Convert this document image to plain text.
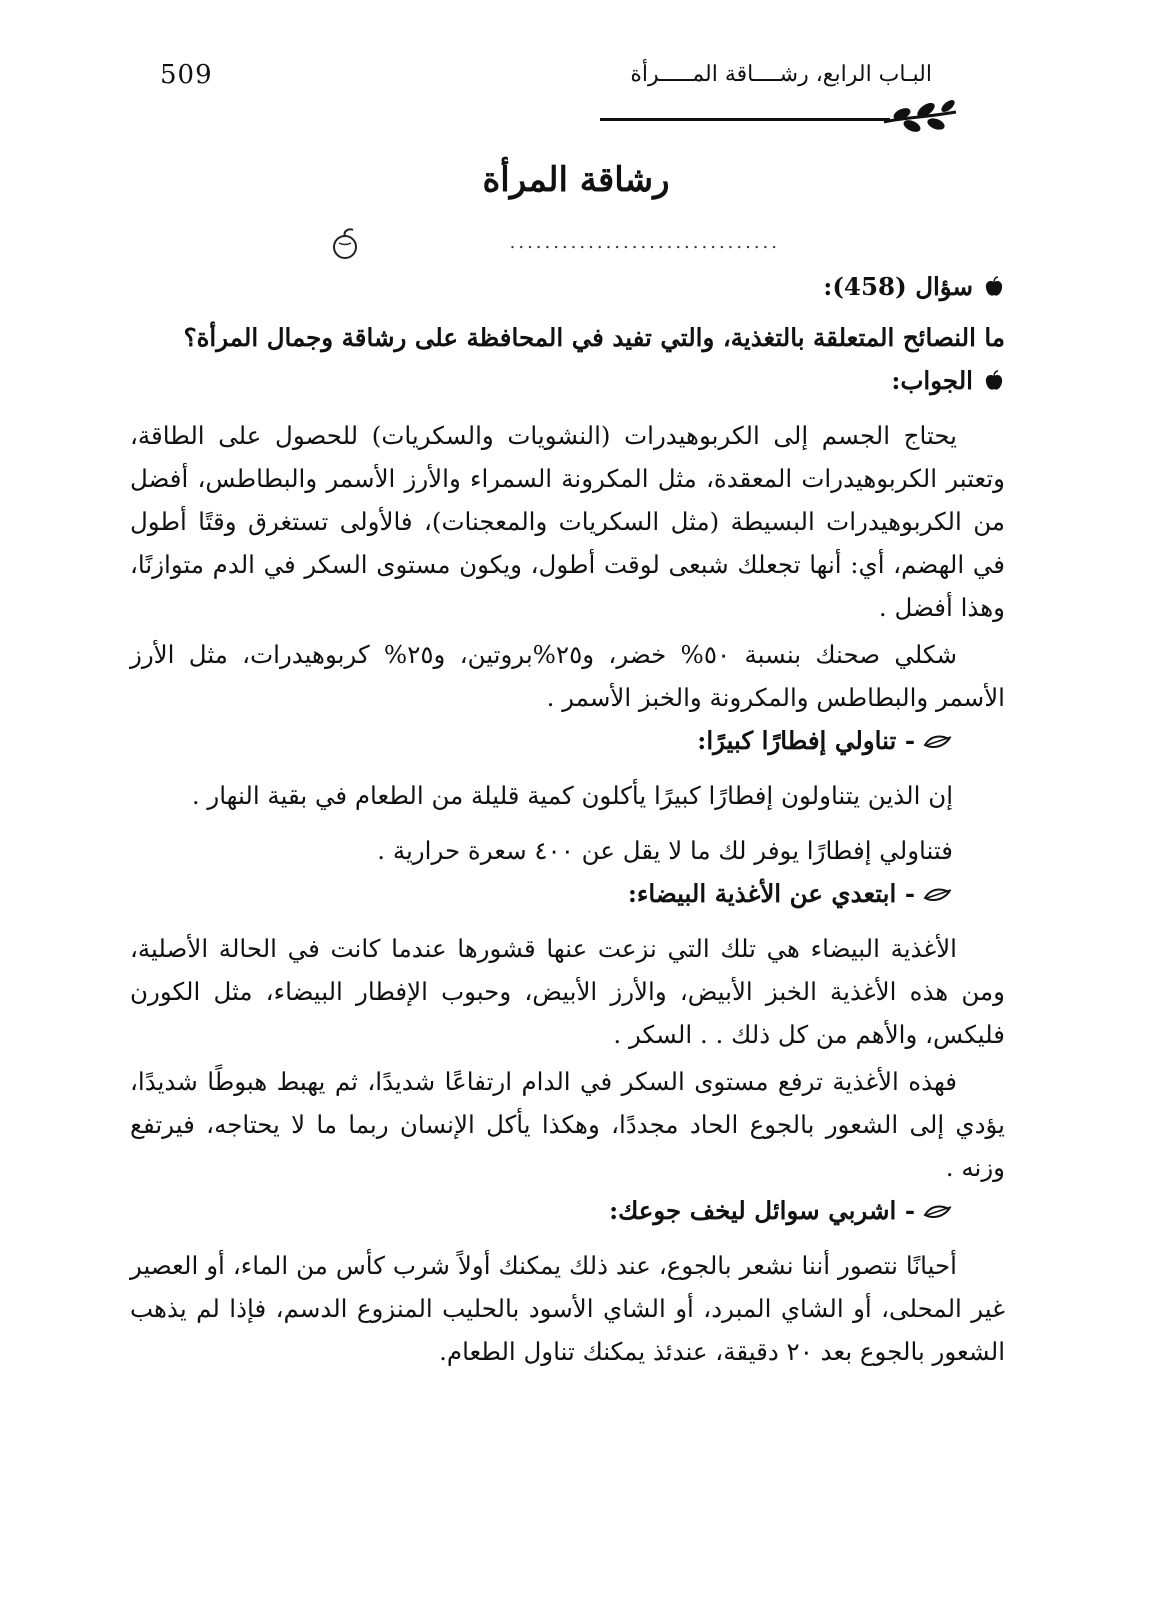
509	البـاب الرابع، رشــــاقة المـــــرأة
رشاقة المرأة
...............................

سؤال (458):

ما النصائح المتعلقة بالتغذية، والتي تفيد في المحافظة على رشاقة وجمال المرأة؟

الجواب:

يحتاج الجسم إلى الكربوهيدرات (النشويات والسكريات) للحصول على الطاقة، وتعتبر الكربوهيدرات المعقدة، مثل المكرونة السمراء والأرز الأسمر والبطاطس، أفضل من الكربوهيدرات البسيطة (مثل السكريات والمعجنات)، فالأولى تستغرق وقتًا أطول في الهضم، أي: أنها تجعلك شبعى لوقت أطول، ويكون مستوى السكر في الدم متوازنًا، وهذا أفضل .

شكلي صحنك بنسبة ٥٠% خضر، و٢٥%بروتين، و٢٥% كربوهيدرات، مثل الأرز الأسمر والبطاطس والمكرونة والخبز الأسمر .

- تناولي إفطارًا كبيرًا:

إن الذين يتناولون إفطارًا كبيرًا يأكلون كمية قليلة من الطعام في بقية النهار .

فتناولي إفطارًا يوفر لك ما لا يقل عن ٤٠٠ سعرة حرارية .

- ابتعدي عن الأغذية البيضاء:

الأغذية البيضاء هي تلك التي نزعت عنها قشورها عندما كانت في الحالة الأصلية، ومن هذه الأغذية الخبز الأبيض، والأرز الأبيض، وحبوب الإفطار البيضاء، مثل الكورن فليكس، والأهم من كل ذلك . . السكر .

فهذه الأغذية ترفع مستوى السكر في الدام ارتفاعًا شديدًا، ثم يهبط هبوطًا شديدًا، يؤدي إلى الشعور بالجوع الحاد مجددًا، وهكذا يأكل الإنسان ربما ما لا يحتاجه، فيرتفع وزنه .

- اشربي سوائل ليخف جوعك:

أحيانًا نتصور أننا نشعر بالجوع، عند ذلك يمكنك أولاً شرب كأس من الماء، أو العصير غير المحلى، أو الشاي المبرد، أو الشاي الأسود بالحليب المنزوع الدسم، فإذا لم يذهب الشعور بالجوع بعد ٢٠ دقيقة، عندئذ يمكنك تناول الطعام.
